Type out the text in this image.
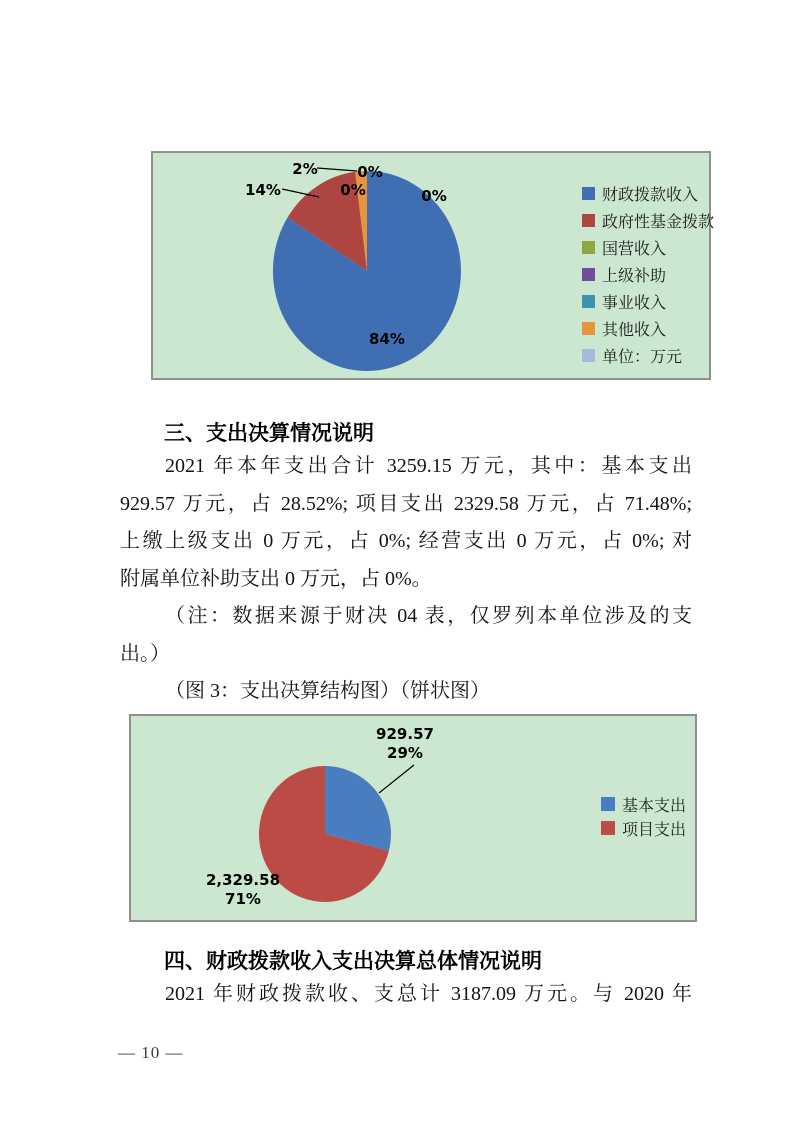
2%	0%
0%
14%	0%
84%
财政拨款收入
政府性基金拨款
国营收入
上级补助
事业收入
其他收入
单位：万元
三、支出决算情况说明
2021 年本年支出合计 3259.15 万元，其中：基本支出
929.57 万元，占 28.52%; 项目支出 2329.58 万元，占 71.48%;
上缴上级支出 0 万元，占 0%; 经营支出 0 万元，占 0%; 对
附属单位补助支出 0 万元，占 0%。
（注：数据来源于财决 04 表，仅罗列本单位涉及的支
出。）
（图 3：支出决算结构图）（饼状图）
929.57
29%
2,329.58
71%
基本支出
项目支出
四、财政拨款收入支出决算总体情况说明
2021 年财政拨款收、支总计 3187.09 万元。与 2020 年
— 10 —
